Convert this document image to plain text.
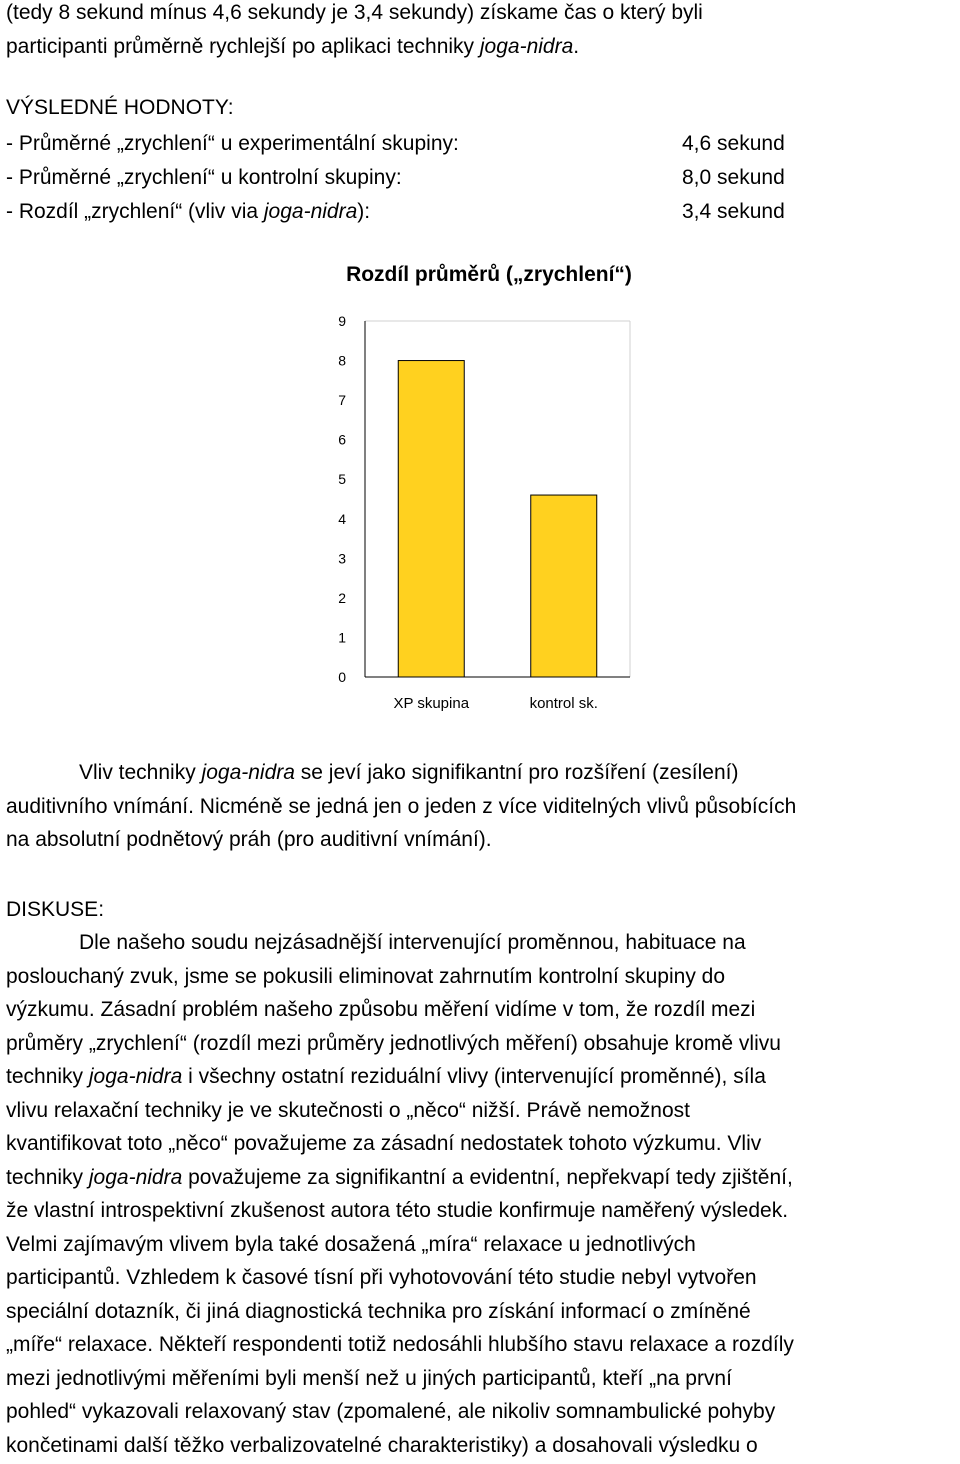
(tedy 8 sekund mínus 4,6 sekundy je 3,4 sekundy) získame čas o který byli
participanti průměrně rychlejší po aplikaci techniky joga-nidra.
VÝSLEDNÉ HODNOTY:
- Průměrné „zrychlení“ u experimentální skupiny:	4,6 sekund
- Průměrné „zrychlení“ u kontrolní skupiny:	8,0 sekund
- Rozdíl „zrychlení“ (vliv via joga-nidra):	3,4 sekund
Rozdíl průměrů („zrychlení“)
0
1
2
3
4
5
6
7
8
9
XP skupina	kontrol sk.
Vliv techniky joga-nidra se jeví jako signifikantní pro rozšíření (zesílení)
auditivního vnímání. Nicméně se jedná jen o jeden z více viditelných vlivů působících
na absolutní podnětový práh (pro auditivní vnímání).
DISKUSE:
Dle našeho soudu nejzásadnější intervenující proměnnou, habituace na
poslouchaný zvuk, jsme se pokusili eliminovat zahrnutím kontrolní skupiny do
výzkumu. Zásadní problém našeho způsobu měření vidíme v tom, že rozdíl mezi
průměry „zrychlení“ (rozdíl mezi průměry jednotlivých měření) obsahuje kromě vlivu
techniky joga-nidra i všechny ostatní reziduální vlivy (intervenující proměnné), síla
vlivu relaxační techniky je ve skutečnosti o „něco“ nižší. Právě nemožnost
kvantifikovat toto „něco“ považujeme za zásadní nedostatek tohoto výzkumu. Vliv
techniky joga-nidra považujeme za signifikantní a evidentní, nepřekvapí tedy zjištění,
že vlastní introspektivní zkušenost autora této studie konfirmuje naměřený výsledek.
Velmi zajímavým vlivem byla také dosažená „míra“ relaxace u jednotlivých
participantů. Vzhledem k časové tísní při vyhotovování této studie nebyl vytvořen
speciální dotazník, či jiná diagnostická technika pro získání informací o zmíněné
„míře“ relaxace. Někteří respondenti totiž nedosáhli hlubšího stavu relaxace a rozdíly
mezi jednotlivými měřeními byli menší než u jiných participantů, kteří „na první
pohled“ vykazovali relaxovaný stav (zpomalené, ale nikoliv somnambulické pohyby
končetinami další těžko verbalizovatelné charakteristiky) a dosahovali výsledku o
